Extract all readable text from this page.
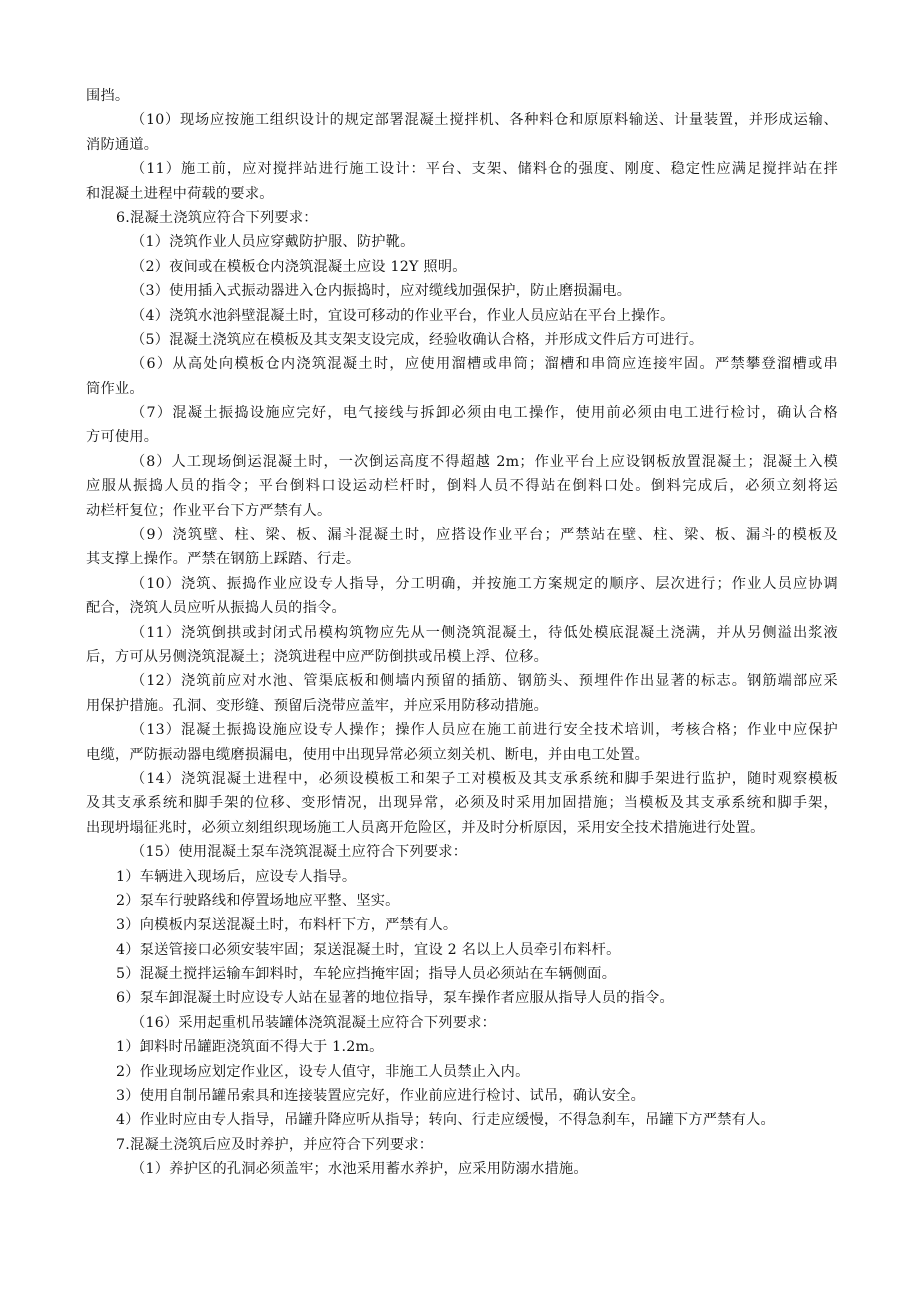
围挡。
（10）现场应按施工组织设计的规定部署混凝土搅拌机、各种料仓和原原料输送、计量装置，并形成运输、
消防通道。
（11）施工前，应对搅拌站进行施工设计：平台、支架、储料仓的强度、刚度、稳定性应满足搅拌站在拌
和混凝土进程中荷载的要求。
6.混凝土浇筑应符合下列要求：
（1）浇筑作业人员应穿戴防护服、防护靴。
（2）夜间或在模板仓内浇筑混凝土应设 12Y 照明。
（3）使用插入式振动器进入仓内振捣时，应对缆线加强保护，防止磨损漏电。
（4）浇筑水池斜壁混凝土时，宜设可移动的作业平台，作业人员应站在平台上操作。
（5）混凝土浇筑应在模板及其支架支设完成，经验收确认合格，并形成文件后方可进行。
（6）从高处向模板仓内浇筑混凝土时，应使用溜槽或串筒；溜槽和串筒应连接牢固。严禁攀登溜槽或串
筒作业。
（7）混凝土振捣设施应完好，电气接线与拆卸必须由电工操作，使用前必须由电工进行检讨，确认合格
方可使用。
（8）人工现场倒运混凝土时，一次倒运高度不得超越 2m；作业平台上应设钢板放置混凝土；混凝土入模
应服从振捣人员的指令；平台倒料口设运动栏杆时，倒料人员不得站在倒料口处。倒料完成后，必须立刻将运
动栏杆复位；作业平台下方严禁有人。
（9）浇筑壁、柱、梁、板、漏斗混凝土时，应搭设作业平台；严禁站在壁、柱、梁、板、漏斗的模板及
其支撑上操作。严禁在钢筋上踩踏、行走。
（10）浇筑、振捣作业应设专人指导，分工明确，并按施工方案规定的顺序、层次进行；作业人员应协调
配合，浇筑人员应听从振捣人员的指令。
（11）浇筑倒拱或封闭式吊模构筑物应先从一侧浇筑混凝土，待低处模底混凝土浇满，并从另侧溢出浆液
后，方可从另侧浇筑混凝土；浇筑进程中应严防倒拱或吊模上浮、位移。
（12）浇筑前应对水池、管渠底板和侧墙内预留的插筋、钢筋头、预埋件作出显著的标志。钢筋端部应采
用保护措施。孔洞、变形缝、预留后浇带应盖牢，并应采用防移动措施。
（13）混凝土振捣设施应设专人操作；操作人员应在施工前进行安全技术培训，考核合格；作业中应保护
电缆，严防振动器电缆磨损漏电，使用中出现异常必须立刻关机、断电，并由电工处置。
（14）浇筑混凝土进程中，必须设模板工和架子工对模板及其支承系统和脚手架进行监护，随时观察模板
及其支承系统和脚手架的位移、变形情况，出现异常，必须及时采用加固措施；当模板及其支承系统和脚手架，
出现坍塌征兆时，必须立刻组织现场施工人员离开危险区，并及时分析原因，采用安全技术措施进行处置。
（15）使用混凝土泵车浇筑混凝土应符合下列要求：
1）车辆进入现场后，应设专人指导。
2）泵车行驶路线和停置场地应平整、坚实。
3）向模板内泵送混凝土时，布料杆下方，严禁有人。
4）泵送管接口必须安装牢固；泵送混凝土时，宜设 2 名以上人员牵引布料杆。
5）混凝土搅拌运输车卸料时，车轮应挡掩牢固；指导人员必须站在车辆侧面。
6）泵车卸混凝土时应设专人站在显著的地位指导，泵车操作者应服从指导人员的指令。
（16）采用起重机吊装罐体浇筑混凝土应符合下列要求：
1）卸料时吊罐距浇筑面不得大于 1.2m。
2）作业现场应划定作业区，设专人值守，非施工人员禁止入内。
3）使用自制吊罐吊索具和连接装置应完好，作业前应进行检讨、试吊，确认安全。
4）作业时应由专人指导，吊罐升降应听从指导；转向、行走应缓慢，不得急刹车，吊罐下方严禁有人。
7.混凝土浇筑后应及时养护，并应符合下列要求：
（1）养护区的孔洞必须盖牢；水池采用蓄水养护，应采用防溺水措施。
